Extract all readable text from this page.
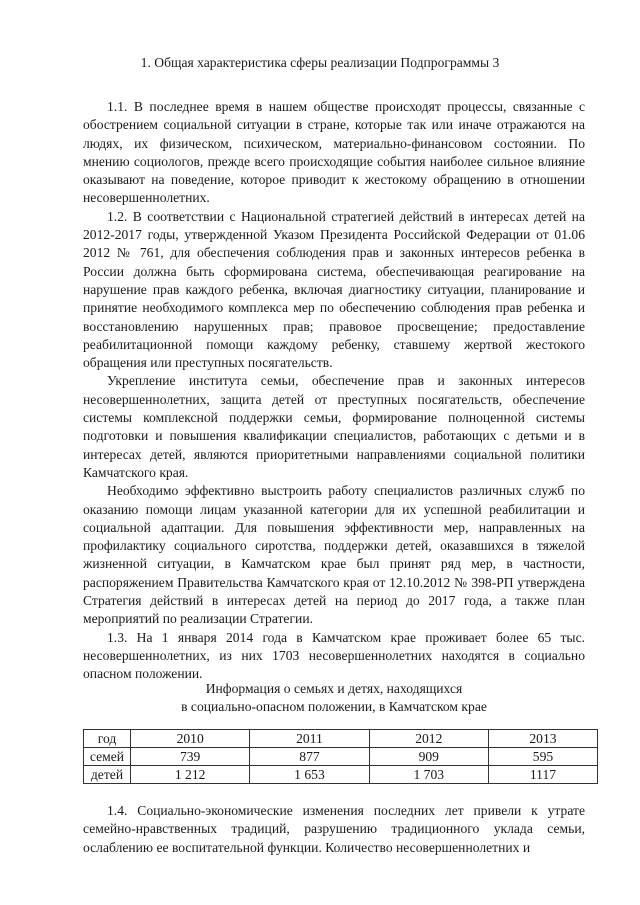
1. Общая характеристика сферы реализации Подпрограммы 3

1.1. В последнее время в нашем обществе происходят процессы, связанные с обострением социальной ситуации в стране, которые так или иначе отражаются на людях, их физическом, психическом, материально-финансовом состоянии. По мнению социологов, прежде всего происходящие события наиболее сильное влияние оказывают на поведение, которое приводит к жестокому обращению в отношении несовершеннолетних.

1.2. В соответствии с Национальной стратегией действий в интересах детей на 2012-2017 годы, утвержденной Указом Президента Российской Федерации от 01.06 2012 № 761, для обеспечения соблюдения прав и законных интересов ребенка в России должна быть сформирована система, обеспечивающая реагирование на нарушение прав каждого ребенка, включая диагностику ситуации, планирование и принятие необходимого комплекса мер по обеспечению соблюдения прав ребенка и восстановлению нарушенных прав; правовое просвещение; предоставление реабилитационной помощи каждому ребенку, ставшему жертвой жестокого обращения или преступных посягательств.

Укрепление института семьи, обеспечение прав и законных интересов несовершеннолетних, защита детей от преступных посягательств, обеспечение системы комплексной поддержки семьи, формирование полноценной системы подготовки и повышения квалификации специалистов, работающих с детьми и в интересах детей, являются приоритетными направлениями социальной политики Камчатского края.

Необходимо эффективно выстроить работу специалистов различных служб по оказанию помощи лицам указанной категории для их успешной реабилитации и социальной адаптации. Для повышения эффективности мер, направленных на профилактику социального сиротства, поддержки детей, оказавшихся в тяжелой жизненной ситуации, в Камчатском крае был принят ряд мер, в частности, распоряжением Правительства Камчатского края от 12.10.2012 № 398-РП утверждена Стратегия действий в интересах детей на период до 2017 года, а также план мероприятий по реализации Стратегии.

1.3. На 1 января 2014 года в Камчатском крае проживает более 65 тыс. несовершеннолетних, из них 1703 несовершеннолетних находятся в социально опасном положении.

Информация о семьях и детях, находящихся
в социально-опасном положении, в Камчатском крае
год	2010	2011	2012	2013
семей	739	877	909	595
детей	1 212	1 653	1 703	1117

1.4. Социально-экономические изменения последних лет привели к утрате семейно-нравственных традиций, разрушению традиционного уклада семьи, ослаблению ее воспитательной функции. Количество несовершеннолетних и
